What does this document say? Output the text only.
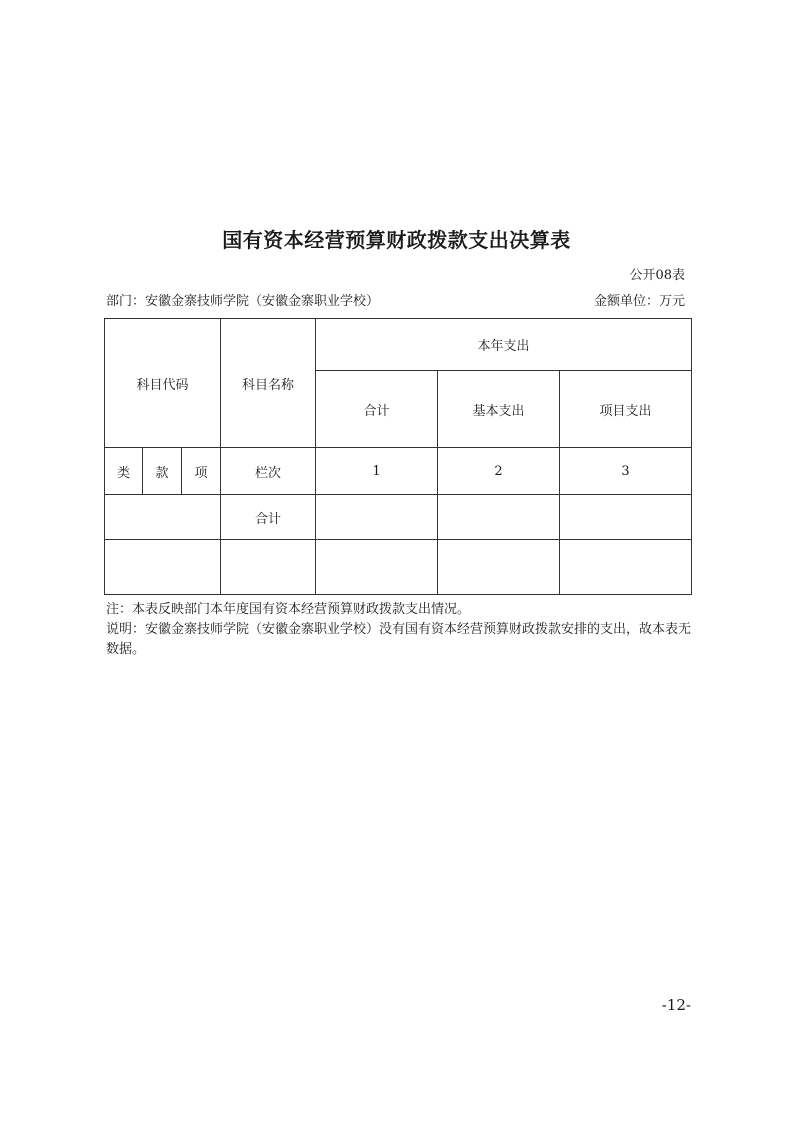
国有资本经营预算财政拨款支出决算表
公开08表
部门：安徽金寨技师学院（安徽金寨职业学校）	金额单位：万元
科目代码			科目名称	本年支出		
				合计	基本支出	项目支出
类	款	项	栏次	1	2	3
			合计			

注：本表反映部门本年度国有资本经营预算财政拨款支出情况。

说明：安徽金寨技师学院（安徽金寨职业学校）没有国有资本经营预算财政拨款安排的支出，故本表无数据。

-12-
